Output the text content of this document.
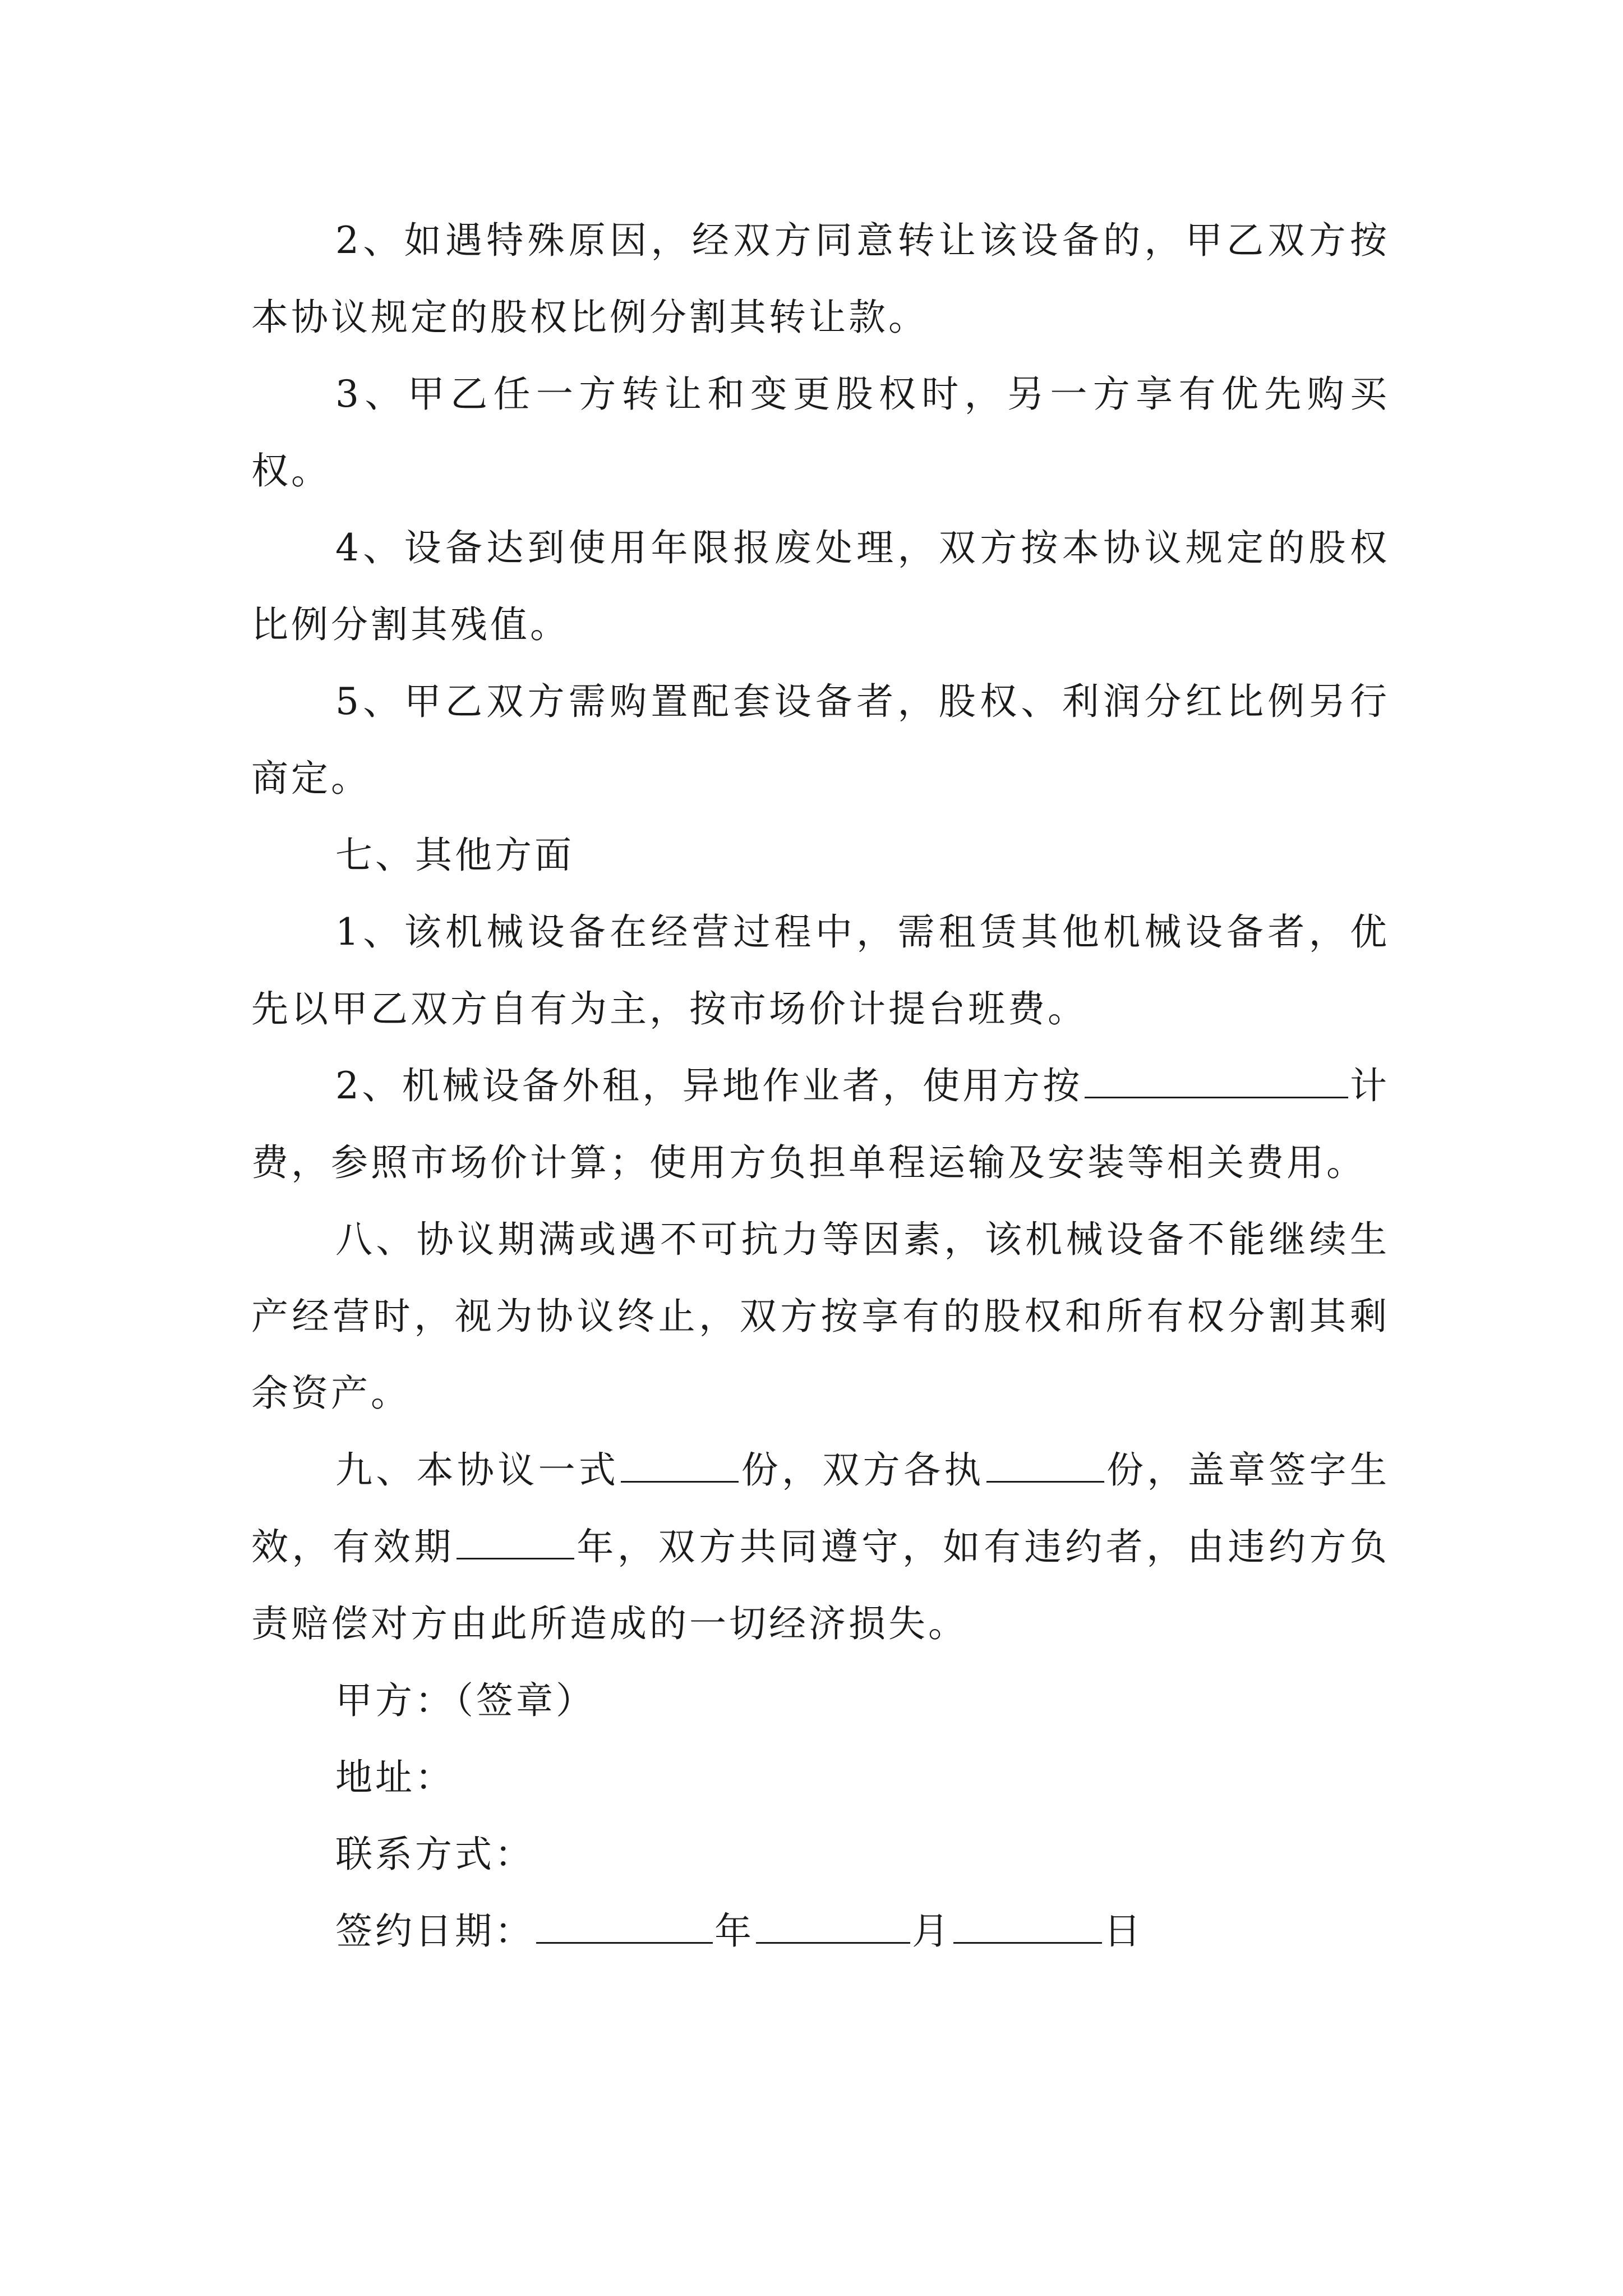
2、如遇特殊原因，经双方同意转让该设备的，甲乙双方按本协议规定的股权比例分割其转让款。

3、甲乙任一方转让和变更股权时，另一方享有优先购买权。

4、设备达到使用年限报废处理，双方按本协议规定的股权比例分割其残值。

5、甲乙双方需购置配套设备者，股权、利润分红比例另行商定。

七、其他方面

1、该机械设备在经营过程中，需租赁其他机械设备者，优先以甲乙双方自有为主，按市场价计提台班费。

2、机械设备外租，异地作业者，使用方按	计费，参照市场价计算；使用方负担单程运输及安装等相关费用。

八、协议期满或遇不可抗力等因素，该机械设备不能继续生产经营时，视为协议终止，双方按享有的股权和所有权分割其剩余资产。

九、本协议一式	份，双方各执	份，盖章签字生效，有效期	年，双方共同遵守，如有违约者，由违约方负责赔偿对方由此所造成的一切经济损失。

甲方：（签章）

地址：

联系方式：

签约日期：	年	月	日
